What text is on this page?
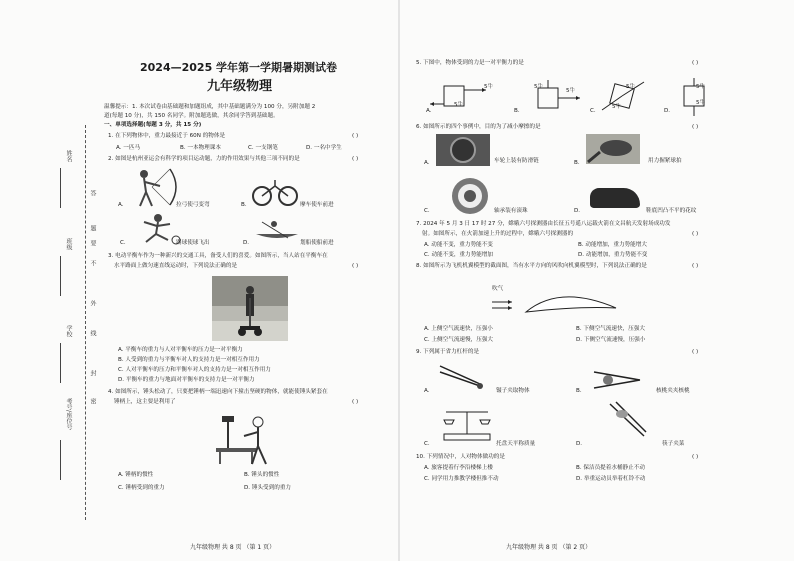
姓名
班级
学校
考号/座位号
答
题
不
要
外
线
封
密
2024—2025 学年第一学期暑期测试卷
九年级物理
温馨提示：1. 本次试卷由基础题和加题组成，其中基础题满分为 100 分，另附加题 2
道(每题 10 分)，共 150 名同学。附加题选做，其余同学答到基础题。
一、单项选择题(每题 3 分，共 15 分)
1. 在下列物体中，重力最接近于 60N 的物体是	( )
A. 一匹马	B. 一本物理课本	C. 一支钢笔	D. 一名中学生
2. 如图是杭州亚运会有科学的项目运动题，力的作用效果与其他三项不同的是	( )
A.	拉弓使弓变弯	B.	摩车使车前进
C.	踢球使球飞出	D.	划船使船前进
3. 电动平衡车作为一种新兴的交通工具，备受人们的喜爱。如图所示，当人站在平衡车在
水平路面上做匀速直线运动时，下列说法正确的是	( )
A. 平衡车的重力与人对平衡车的压力是一对平衡力
B. 人受到的重力与平衡车对人的支持力是一对相互作用力
C. 人对平衡车的压力和平衡车对人的支持力是一对相互作用力
D. 平衡车的重力与地面对平衡车的支持力是一对平衡力
4. 如图所示，锤头松动了，只要把锤柄一端迅速向下撞击坚硬的物体，就能使锤头紧套在
锤柄上，这主要是利用了	( )
A. 锤柄的惯性	B. 锤头的惯性
C. 锤柄受到的重力	D. 锤头受到的重力
九年级物理 共 8 页 （第 1 页）
5. 下图中，物体受到的力是一对平衡力的是	( )
A.
5牛
5牛
B.
5牛
5牛
C.
5牛
5牛
D.
5牛
5牛
6. 如图所示的四个事例中，目的为了减小摩擦的是	( )
A.	车轮上装有防滑链	B.	用力握紧球拍
C.	轴承装有滚珠	D.	鞋底凹凸不平的花纹
7. 2024 年 5 月 3 日 17 时 27 分，嫦娥六号探测器由长征五号遥八运载火箭在文昌航天发射场成功发
射。如图所示，在火箭加速上升的过程中，嫦娥六号探测器的	( )
A. 动能不变，重力势能不变	B. 动能增加，重力势能增大
C. 动能不变，重力势能增加	D. 动能增加，重力势能不变
8. 如图所示为飞机机翼模型的截面图，当有水平方向的风吹向机翼模型时，下列说法正确的是	( )
吹气
A. 上侧空气流速快，压强小	B. 下侧空气流速快，压强大
C. 上侧空气流速慢，压强大	D. 下侧空气流速慢，压强小
9. 下列属于省力杠杆的是	( )
A.	镊子夹取物体	B.	核桃夹夹核桃
C.	托盘天平称质量	D.	筷子夹菜
10. 下列情况中，人对物体做功的是	( )
A. 旅客提着行李沿楼梯上楼	B. 保洁员提着水桶静止不动
C. 同学用力推教学楼但推不动	D. 举重运动员举着杠铃不动
九年级物理 共 8 页 （第 2 页）
